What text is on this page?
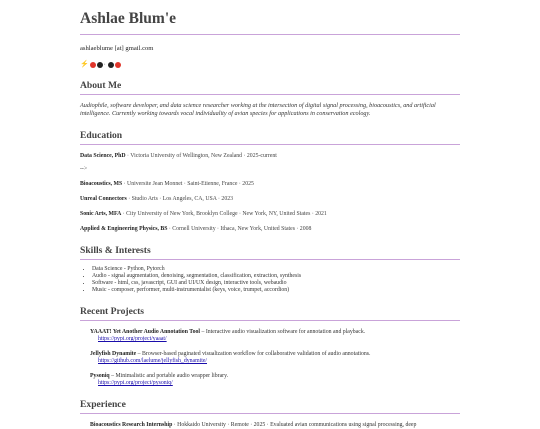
Ashlae Blum'e
ashlaeblume [at] gmail.com
⚡	·
About Me
Audiophile, software developer, and data science researcher working at the intersection of digital signal processing, bioacoustics, and artificial intelligence. Currently working towards vocal individuality of avian species for applications in conservation ecology.
Education
Data Science, PhD · Victoria University of Wellington, New Zealand · 2025-current
-->
Bioacoustics, MS · Universite Jean Monnet · Saint-Etienne, France · 2025
Unreal Connectors · Studio Arts · Los Angeles, CA, USA · 2023
Sonic Arts, MFA · City University of New York, Brooklyn College · New York, NY, United States · 2021
Applied & Engineering Physics, BS · Cornell University · Ithaca, New York, United States · 2008
Skills & Interests
• Data Science - Python, Pytorch
• Audio - signal augmentation, denoising, segmentation, classification, extraction, synthesis
• Software - html, css, javascript, GUI and UI/UX design, interactive tools, webaudio
• Music - composer, performer, multi-instrumentalist (keys, voice, trumpet, accordion)
Recent Projects
YAAAT! Yet Another Audio Annotation Tool – Interactive audio visualization software for annotation and playback.
https://pypi.org/project/yaaat/
Jellyfish Dynamite – Browser-based paginated visualization workflow for collaborative validation of audio annotations.
https://github.com/laelume/jellyfish_dynamite/
Pysoniq – Minimalistic and portable audio wrapper library.
https://pypi.org/project/pysoniq/
Experience
Bioacoustics Research Internship · Hokkaido University · Remote · 2025 · Evaluated avian communications using signal processing, deep
